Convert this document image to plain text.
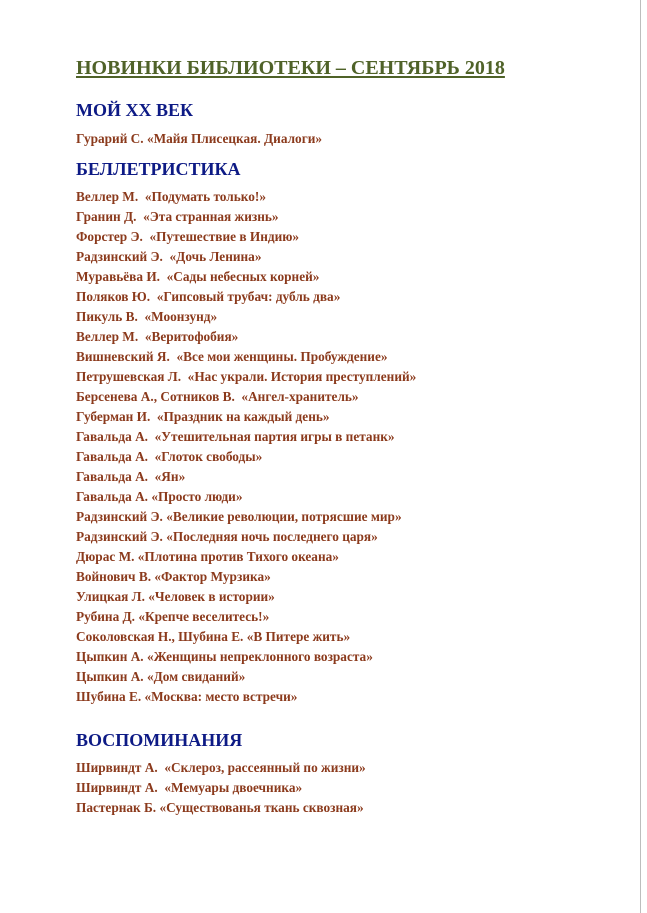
НОВИНКИ БИБЛИОТЕКИ – СЕНТЯБРЬ 2018
МОЙ XX ВЕК
Гурарий С. «Майя Плисецкая. Диалоги»
БЕЛЛЕТРИСТИКА
Веллер М.  «Подумать только!»
Гранин Д.  «Эта странная жизнь»
Форстер Э.  «Путешествие в Индию»
Радзинский Э.  «Дочь Ленина»
Муравьёва И.  «Сады небесных корней»
Поляков Ю.  «Гипсовый трубач: дубль два»
Пикуль В.  «Моонзунд»
Веллер М.  «Веритофобия»
Вишневский Я.  «Все мои женщины. Пробуждение»
Петрушевская Л.  «Нас украли. История преступлений»
Берсенева А., Сотников В.  «Ангел-хранитель»
Губерман И.  «Праздник на каждый день»
Гавальда А.  «Утешительная партия игры в петанк»
Гавальда А.  «Глоток свободы»
Гавальда А.  «Ян»
Гавальда А. «Просто люди»
Радзинский Э. «Великие революции, потрясшие мир»
Радзинский Э. «Последняя ночь последнего царя»
Дюрас М. «Плотина против Тихого океана»
Войнович В. «Фактор Мурзика»
Улицкая Л. «Человек в истории»
Рубина Д. «Крепче веселитесь!»
Соколовская Н., Шубина Е. «В Питере жить»
Цыпкин А. «Женщины непреклонного возраста»
Цыпкин А. «Дом свиданий»
Шубина Е. «Москва: место встречи»
ВОСПОМИНАНИЯ
Ширвиндт А.  «Склероз, рассеянный по жизни»
Ширвиндт А.  «Мемуары двоечника»
Пастернак Б. «Существованья ткань сквозная»
